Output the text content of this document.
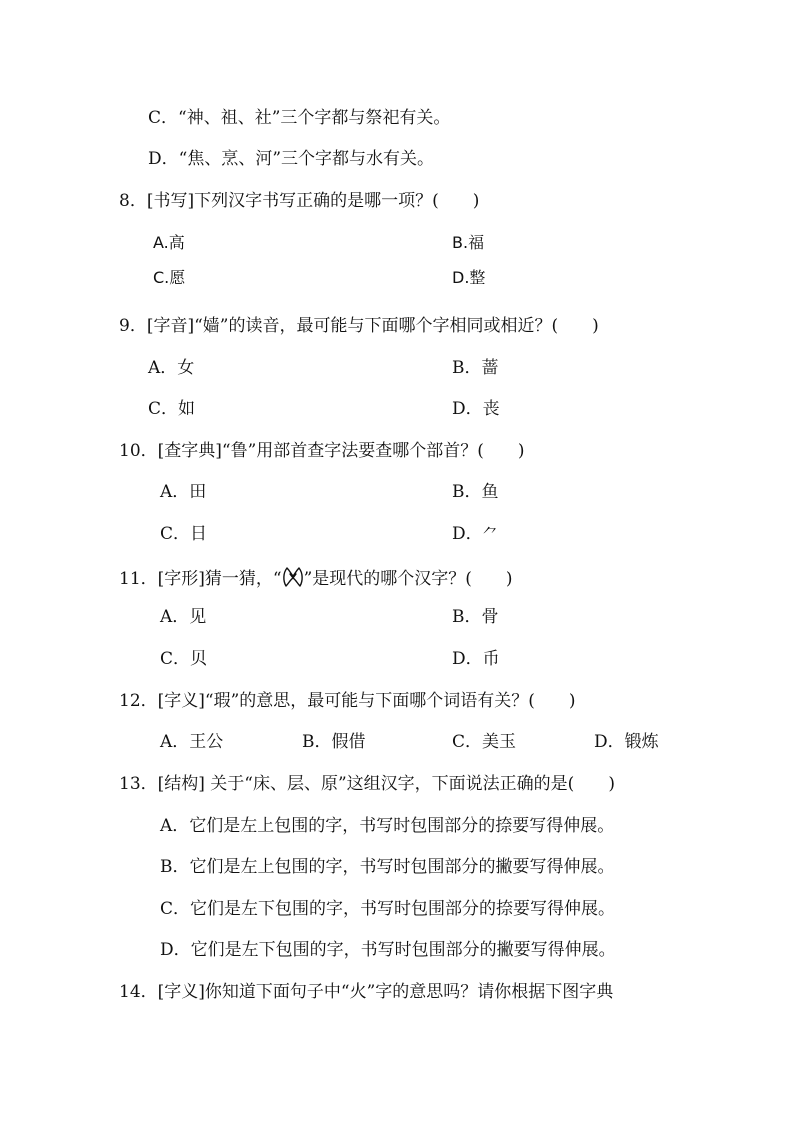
C．“神、祖、社”三个字都与祭祀有关。
D．“焦、烹、河”三个字都与水有关。
8．[书写]下列汉字书写正确的是哪一项？(　　)
A.高	B.福
C.愿	D.整
9．[字音]“嫱”的读音，最可能与下面哪个字相同或相近？(　　)
A．女	B．蔷
C．如	D．丧
10．[查字典]“鲁”用部首查字法要查哪个部首？(　　)
A．田	B．鱼
C．日	D．⺈
11．[字形]猜一猜，“ ”是现代的哪个汉字？(　　)
A．见	B．骨
C．贝	D．币
12．[字义]“瑕”的意思，最可能与下面哪个词语有关？(　　)
A．王公	B．假借	C．美玉	D．锻炼
13．[结构] 关于“床、层、原”这组汉字，下面说法正确的是(　　)
A．它们是左上包围的字，书写时包围部分的捺要写得伸展。
B．它们是左上包围的字，书写时包围部分的撇要写得伸展。
C．它们是左下包围的字，书写时包围部分的捺要写得伸展。
D．它们是左下包围的字，书写时包围部分的撇要写得伸展。
14．[字义]你知道下面句子中“火”字的意思吗？请你根据下图字典
